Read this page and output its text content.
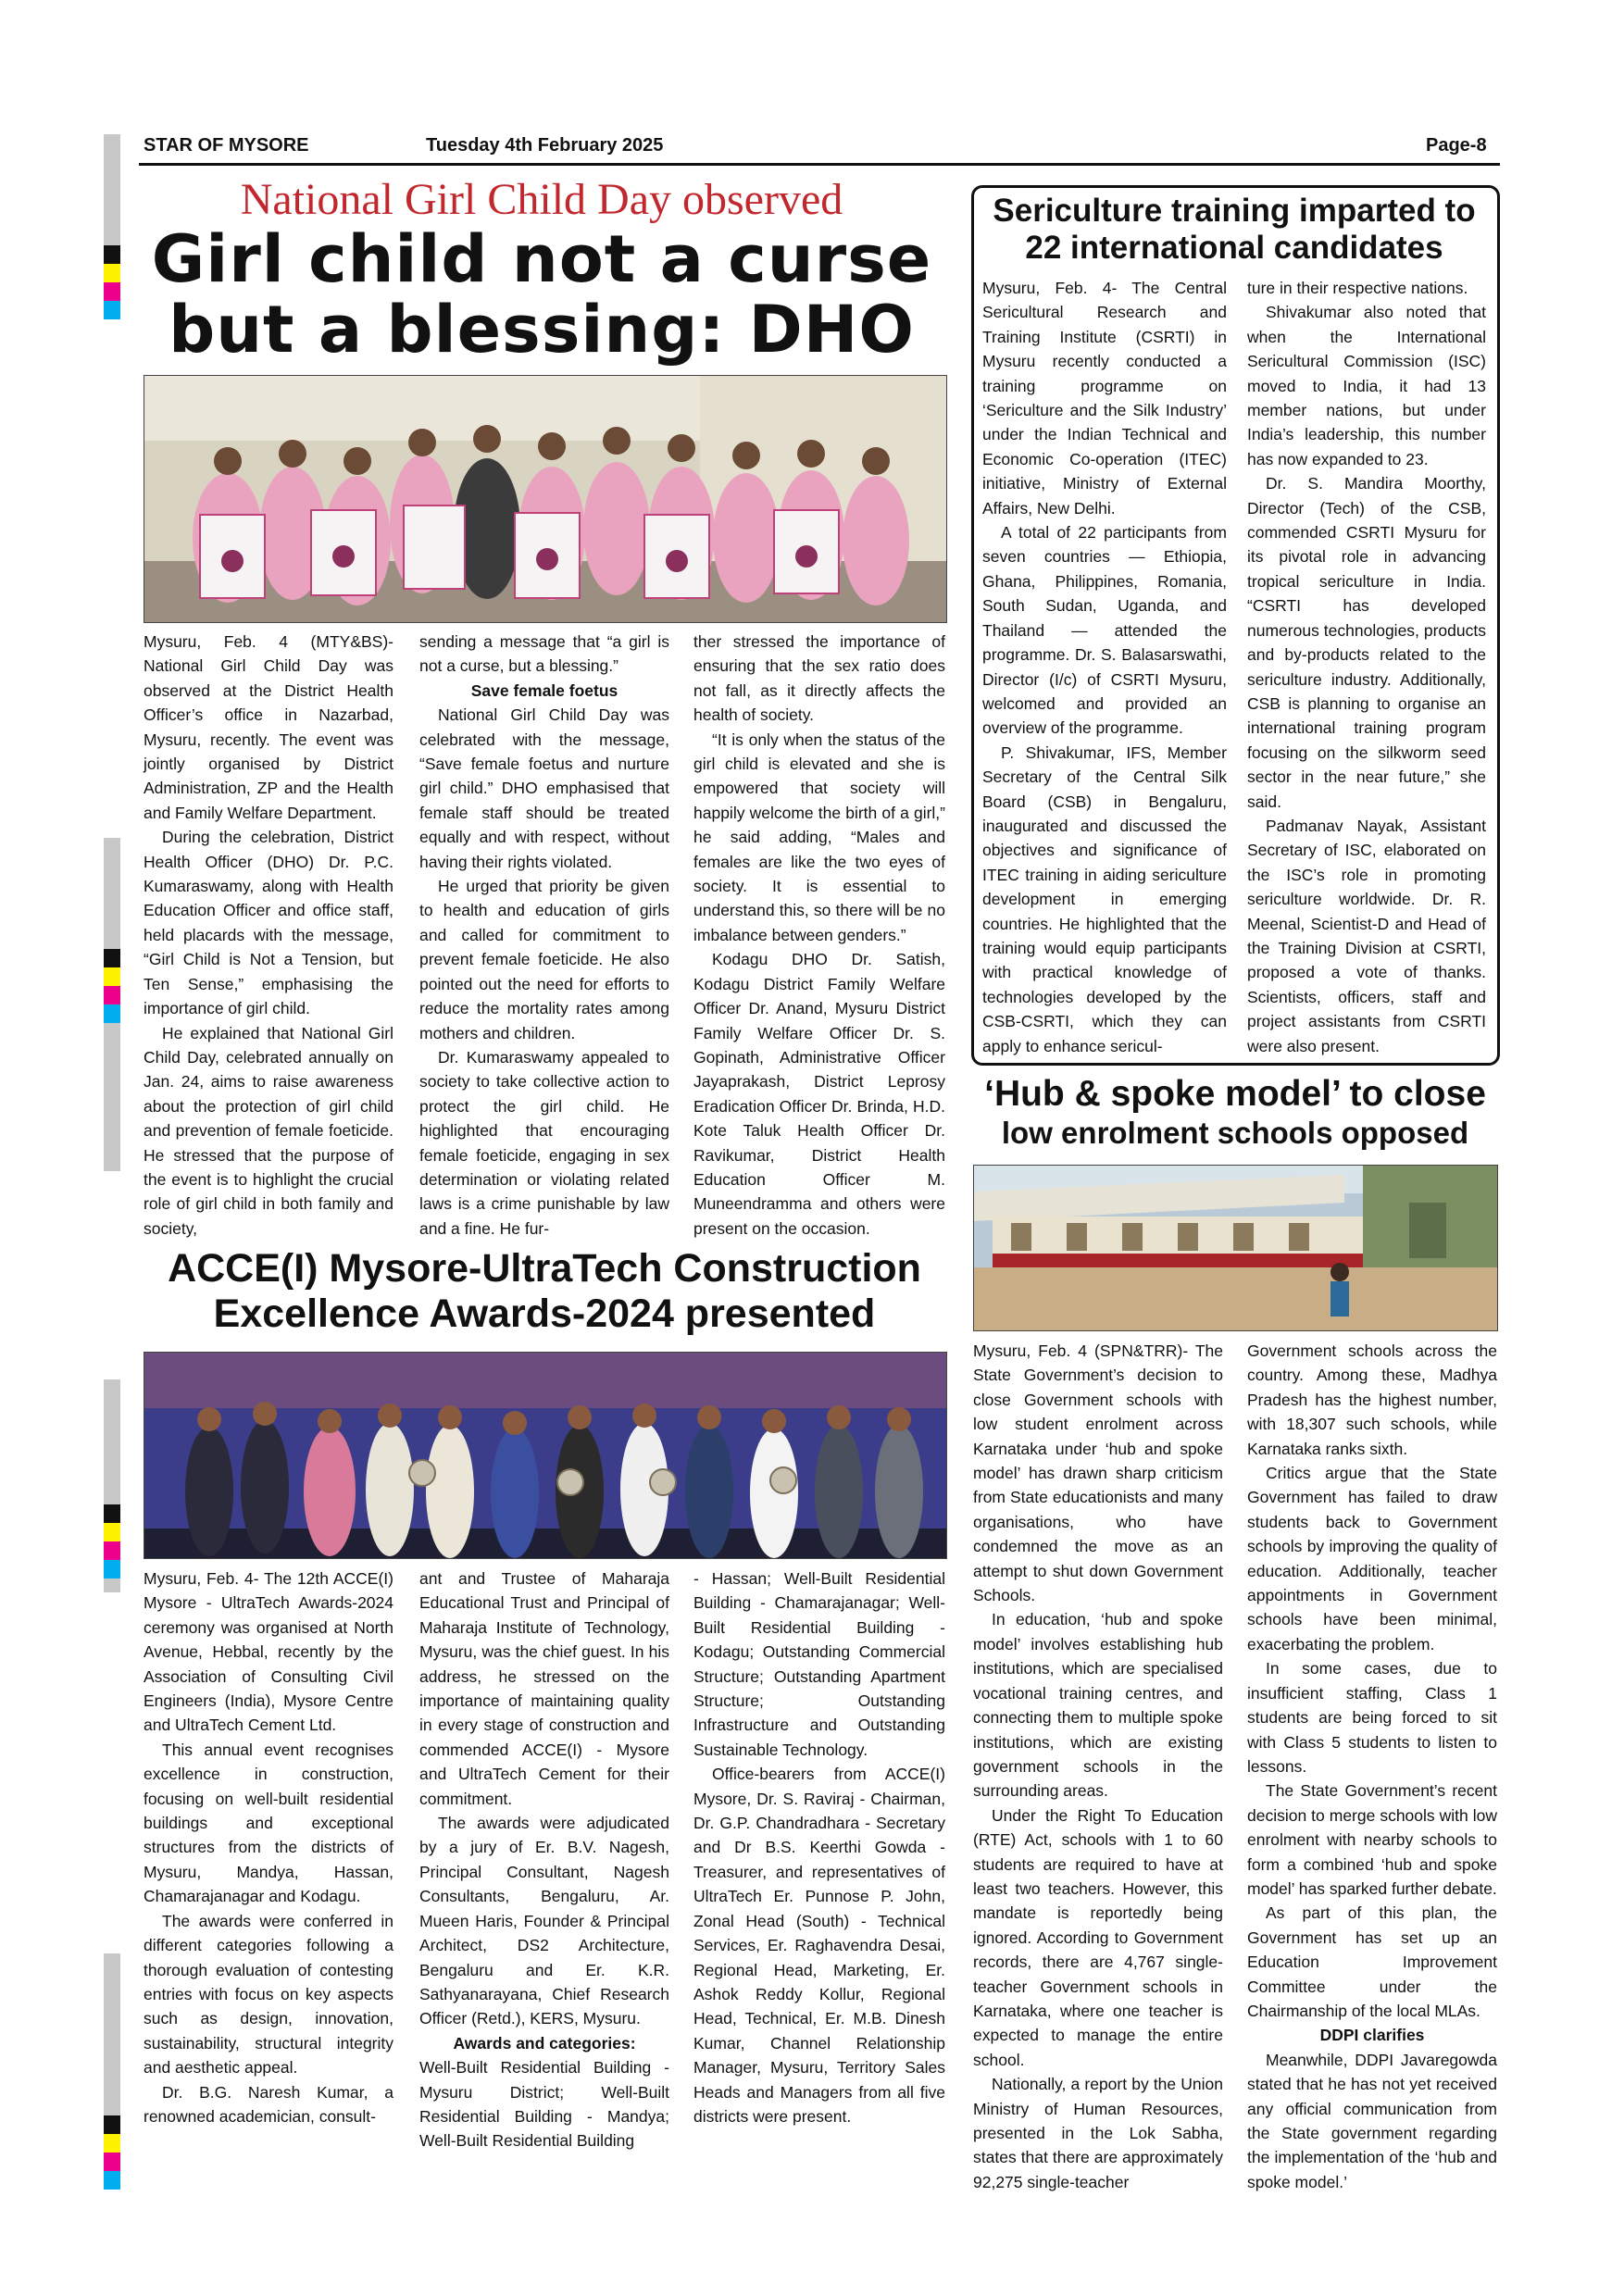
STAR OF MYSORE	Tuesday 4th February 2025	Page-8
National Girl Child Day observed
Girl child not a curse
but a blessing: DHO

Mysuru, Feb. 4 (MTY&BS)- National Girl Child Day was observed at the District Health Officer’s office in Nazarbad, Mysuru, recently. The event was jointly organised by District Administration, ZP and the Health and Family Welfare Department.

During the celebration, District Health Officer (DHO) Dr. P.C. Kumaraswamy, along with Health Education Officer and office staff, held placards with the message, “Girl Child is Not a Tension, but Ten Sense,” emphasising the importance of girl child.

He explained that National Girl Child Day, celebrated annually on Jan. 24, aims to raise awareness about the protection of girl child and prevention of female foeticide. He stressed that the purpose of the event is to highlight the crucial role of girl child in both family and society,

sending a message that “a girl is not a curse, but a blessing.”

Save female foetus

National Girl Child Day was celebrated with the message, “Save female foetus and nurture girl child.” DHO emphasised that female staff should be treated equally and with respect, without having their rights violated.

He urged that priority be given to health and education of girls and called for commitment to prevent female foeticide. He also pointed out the need for efforts to reduce the mortality rates among mothers and children.

Dr. Kumaraswamy appealed to society to take collective action to protect the girl child. He highlighted that encouraging female foeticide, engaging in sex determination or violating related laws is a crime punishable by law and a fine. He fur-

ther stressed the importance of ensuring that the sex ratio does not fall, as it directly affects the health of society.

“It is only when the status of the girl child is elevated and she is empowered that society will happily welcome the birth of a girl,” he said adding, “Males and females are like the two eyes of society. It is essential to understand this, so there will be no imbalance between genders.”

Kodagu DHO Dr. Satish, Kodagu District Family Welfare Officer Dr. Anand, Mysuru District Family Welfare Officer Dr. S. Gopinath, Administrative Officer Jayaprakash, District Leprosy Eradication Officer Dr. Brinda, H.D. Kote Taluk Health Officer Dr. Ravikumar, District Health Education Officer M. Muneendramma and others were present on the occasion.

Sericulture training imparted to
22 international candidates

Mysuru, Feb. 4- The Central Sericultural Research and Training Institute (CSRTI) in Mysuru recently conducted a training programme on ‘Sericulture and the Silk Industry’ under the Indian Technical and Economic Co-operation (ITEC) initiative, Ministry of External Affairs, New Delhi.

A total of 22 participants from seven countries — Ethiopia, Ghana, Philippines, Romania, South Sudan, Uganda, and Thailand — attended the programme. Dr. S. Balasarswathi, Director (I/c) of CSRTI Mysuru, welcomed and provided an overview of the programme.

P. Shivakumar, IFS, Member Secretary of the Central Silk Board (CSB) in Bengaluru, inaugurated and discussed the objectives and significance of ITEC training in aiding sericulture development in emerging countries. He highlighted that the training would equip participants with practical knowledge of technologies developed by the CSB-CSRTI, which they can apply to enhance sericul-

ture in their respective nations.

Shivakumar also noted that when the International Sericultural Commission (ISC) moved to India, it had 13 member nations, but under India’s leadership, this number has now expanded to 23.

Dr. S. Mandira Moorthy, Director (Tech) of the CSB, commended CSRTI Mysuru for its pivotal role in advancing tropical sericulture in India. “CSRTI has developed numerous technologies, products and by-products related to the sericulture industry. Additionally, CSB is planning to organise an international training program focusing on the silkworm seed sector in the near future,” she said.

Padmanav Nayak, Assistant Secretary of ISC, elaborated on the ISC’s role in promoting sericulture worldwide. Dr. R. Meenal, Scientist-D and Head of the Training Division at CSRTI, proposed a vote of thanks. Scientists, officers, staff and project assistants from CSRTI were also present.

‘Hub & spoke model’ to close
low enrolment schools opposed

Mysuru, Feb. 4 (SPN&TRR)- The State Government’s decision to close Government schools with low student enrolment across Karnataka under ‘hub and spoke model’ has drawn sharp criticism from State educationists and many organisations, who have condemned the move as an attempt to shut down Government Schools.

In education, ‘hub and spoke model’ involves establishing hub institutions, which are specialised vocational training centres, and connecting them to multiple spoke institutions, which are existing government schools in the surrounding areas.

Under the Right To Education (RTE) Act, schools with 1 to 60 students are required to have at least two teachers. However, this mandate is reportedly being ignored. According to Government records, there are 4,767 single-teacher Government schools in Karnataka, where one teacher is expected to manage the entire school.

Nationally, a report by the Union Ministry of Human Resources, presented in the Lok Sabha, states that there are approximately 92,275 single-teacher

Government schools across the country. Among these, Madhya Pradesh has the highest number, with 18,307 such schools, while Karnataka ranks sixth.

Critics argue that the State Government has failed to draw students back to Government schools by improving the quality of education. Additionally, teacher appointments in Government schools have been minimal, exacerbating the problem.

In some cases, due to insufficient staffing, Class 1 students are being forced to sit with Class 5 students to listen to lessons.

The State Government’s recent decision to merge schools with low enrolment with nearby schools to form a combined ‘hub and spoke model’ has sparked further debate.

As part of this plan, the Government has set up an Education Improvement Committee under the Chairmanship of the local MLAs.

DDPI clarifies

Meanwhile, DDPI Javaregowda stated that he has not yet received any official communication from the State government regarding the implementation of the ‘hub and spoke model.’

ACCE(I) Mysore-UltraTech Construction
Excellence Awards-2024 presented

Mysuru, Feb. 4- The 12th ACCE(I) Mysore - UltraTech Awards-2024 ceremony was organised at North Avenue, Hebbal, recently by the Association of Consulting Civil Engineers (India), Mysore Centre and UltraTech Cement Ltd.

This annual event recognises excellence in construction, focusing on well-built residential buildings and exceptional structures from the districts of Mysuru, Mandya, Hassan, Chamarajanagar and Kodagu.

The awards were conferred in different categories following a thorough evaluation of contesting entries with focus on key aspects such as design, innovation, sustainability, structural integrity and aesthetic appeal.

Dr. B.G. Naresh Kumar, a renowned academician, consult-

ant and Trustee of Maharaja Educational Trust and Principal of Maharaja Institute of Technology, Mysuru, was the chief guest. In his address, he stressed on the importance of maintaining quality in every stage of construction and commended ACCE(I) - Mysore and UltraTech Cement for their commitment.

The awards were adjudicated by a jury of Er. B.V. Nagesh, Principal Consultant, Nagesh Consultants, Bengaluru, Ar. Mueen Haris, Founder & Principal Architect, DS2 Architecture, Bengaluru and Er. K.R. Sathyanarayana, Chief Research Officer (Retd.), KERS, Mysuru.

Awards and categories:

Well-Built Residential Building - Mysuru District; Well-Built Residential Building - Mandya; Well-Built Residential Building

- Hassan; Well-Built Residential Building - Chamarajanagar; Well-Built Residential Building - Kodagu; Outstanding Commercial Structure; Outstanding Apartment Structure; Outstanding Infrastructure and Outstanding Sustainable Technology.

Office-bearers from ACCE(I) Mysore, Dr. S. Raviraj - Chairman, Dr. G.P. Chandradhara - Secretary and Dr B.S. Keerthi Gowda - Treasurer, and representatives of UltraTech Er. Punnose P. John, Zonal Head (South) - Technical Services, Er. Raghavendra Desai, Regional Head, Marketing, Er. Ashok Reddy Kollur, Regional Head, Technical, Er. M.B. Dinesh Kumar, Channel Relationship Manager, Mysuru, Territory Sales Heads and Managers from all five districts were present.
